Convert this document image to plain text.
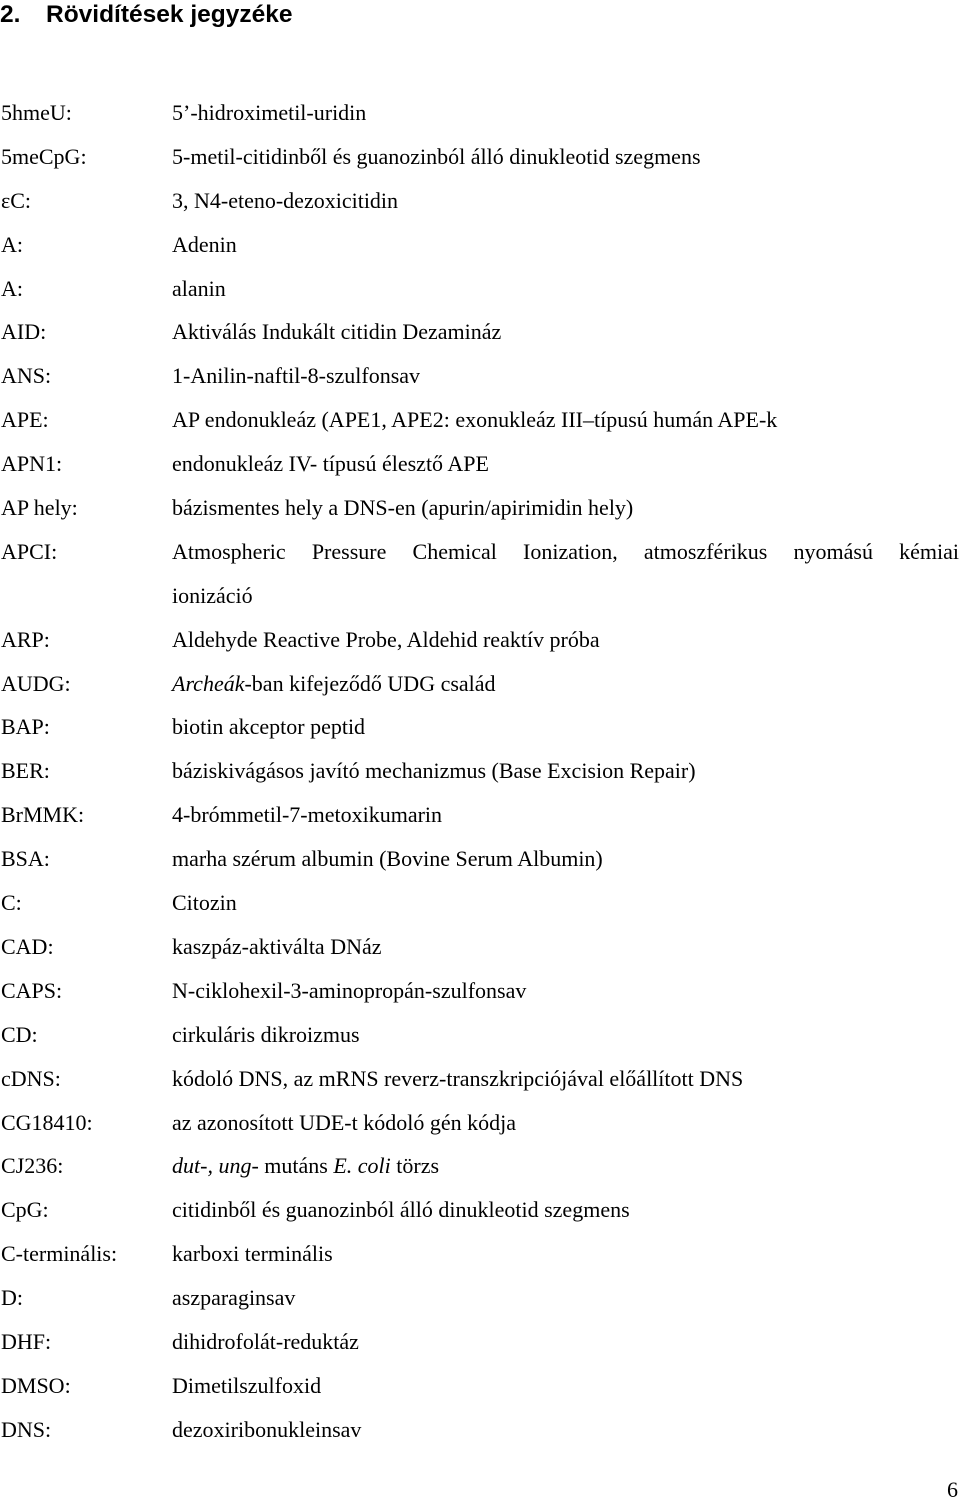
2. Rövidítések jegyzéke
5hmeU:	5’-hidroximetil-uridin
5meCpG:	5-metil-citidinből és guanozinból álló dinukleotid szegmens
εC:	3, N4-eteno-dezoxicitidin
A:	Adenin
A:	alanin
AID:	Aktiválás Indukált citidin Dezamináz
ANS:	1-Anilin-naftil-8-szulfonsav
APE:	AP endonukleáz (APE1, APE2: exonukleáz III–típusú humán APE-k
APN1:	endonukleáz IV- típusú élesztő APE
AP hely:	bázismentes hely a DNS-en (apurin/apirimidin hely)
APCI:	Atmospheric Pressure Chemical Ionization, atmoszférikus nyomású kémiai
ionizáció
ARP:	Aldehyde Reactive Probe, Aldehid reaktív próba
AUDG:	Archeák-ban kifejeződő UDG család
BAP:	biotin akceptor peptid
BER:	báziskivágásos javító mechanizmus (Base Excision Repair)
BrMMK:	4-brómmetil-7-metoxikumarin
BSA:	marha szérum albumin (Bovine Serum Albumin)
C:	Citozin
CAD:	kaszpáz-aktiválta DNáz
CAPS:	N-ciklohexil-3-aminopropán-szulfonsav
CD:	cirkuláris dikroizmus
cDNS:	kódoló DNS, az mRNS reverz-transzkripciójával előállított DNS
CG18410:	az azonosított UDE-t kódoló gén kódja
CJ236:	dut-, ung- mutáns E. coli törzs
CpG:	citidinből és guanozinból álló dinukleotid szegmens
C-terminális: karboxi terminális
D:	aszparaginsav
DHF:	dihidrofolát-reduktáz
DMSO:	Dimetilszulfoxid
DNS:	dezoxiribonukleinsav
6
